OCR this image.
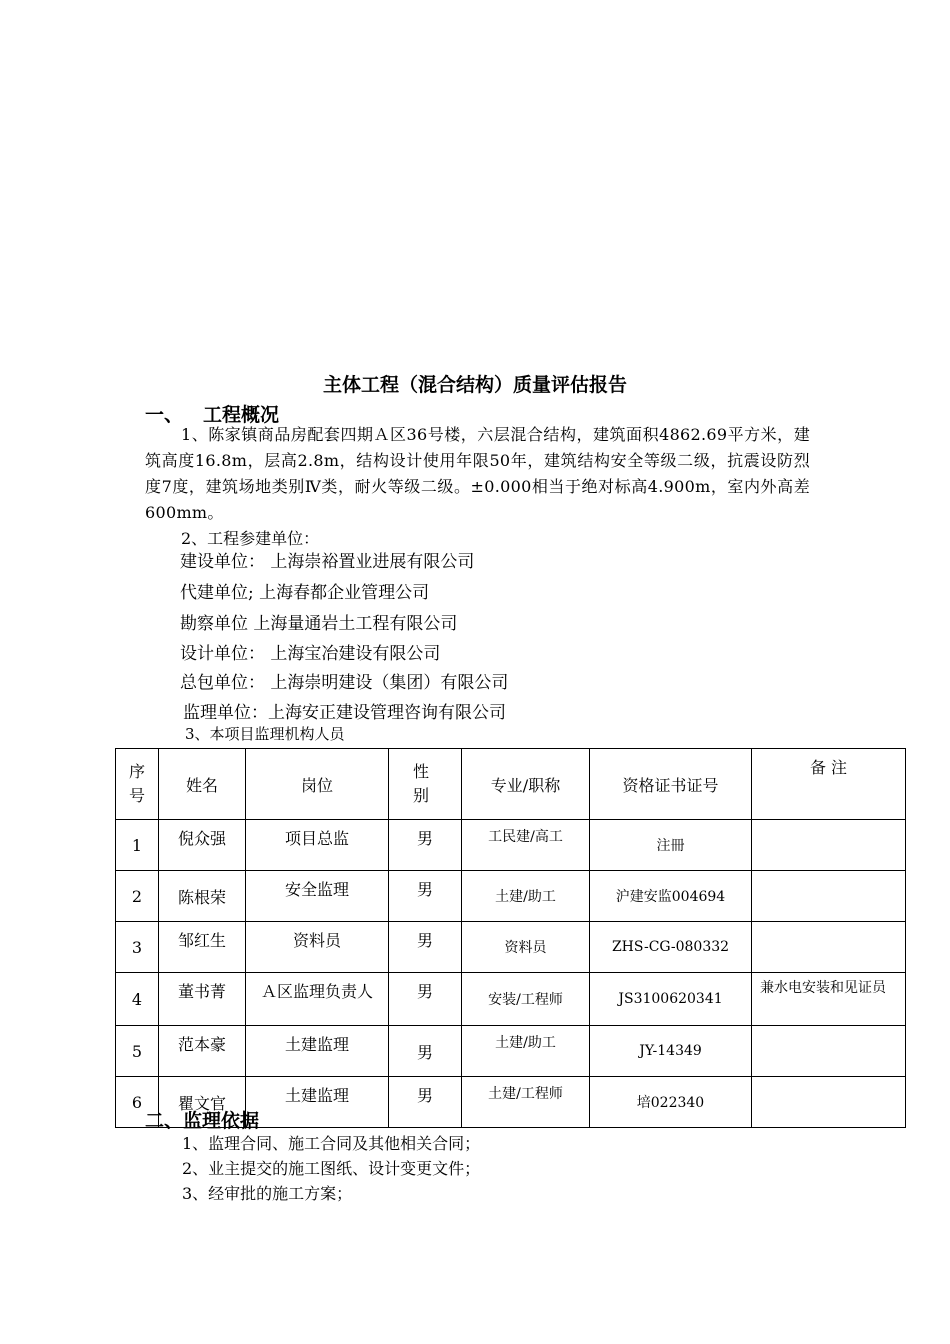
主体工程（混合结构）质量评估报告
一、 工程概况
1、陈家镇商品房配套四期Ａ区36号楼，六层混合结构，建筑面积4862.69平方米，建筑高度16.8m，层高2.8m，结构设计使用年限50年，建筑结构安全等级二级，抗震设防烈度7度，建筑场地类别Ⅳ类，耐火等级二级。±0.000相当于绝对标高4.900m，室内外高差600mm。
2、工程参建单位：
建设单位： 上海崇裕置业进展有限公司
代建单位; 上海春都企业管理公司
勘察单位 上海量通岩土工程有限公司
设计单位： 上海宝冶建设有限公司
总包单位： 上海崇明建设（集团）有限公司
监理单位：上海安正建设管理咨询有限公司
3、本项目监理机构人员
序号	姓名	岗位	性别	专业/职称	资格证书证号	备 注
1	倪众强	项目总监	男	工民建/高工	注冊	
2	陈根荣	安全监理	男	土建/助工	沪建安监004694	
3	邹红生	资料员	男	资料员	ZHS-CG-080332	
4	董书菁	Ａ区监理负责人	男	安装/工程师	JS3100620341	兼水电安装和见证员
5	范本豪	土建监理	男	土建/助工	JY-14349	
6	瞿文官	土建监理	男	土建/工程师	培022340	
二、监理依据
1、监理合同、施工合同及其他相关合同；
2、业主提交的施工图纸、设计变更文件；
3、经审批的施工方案；
